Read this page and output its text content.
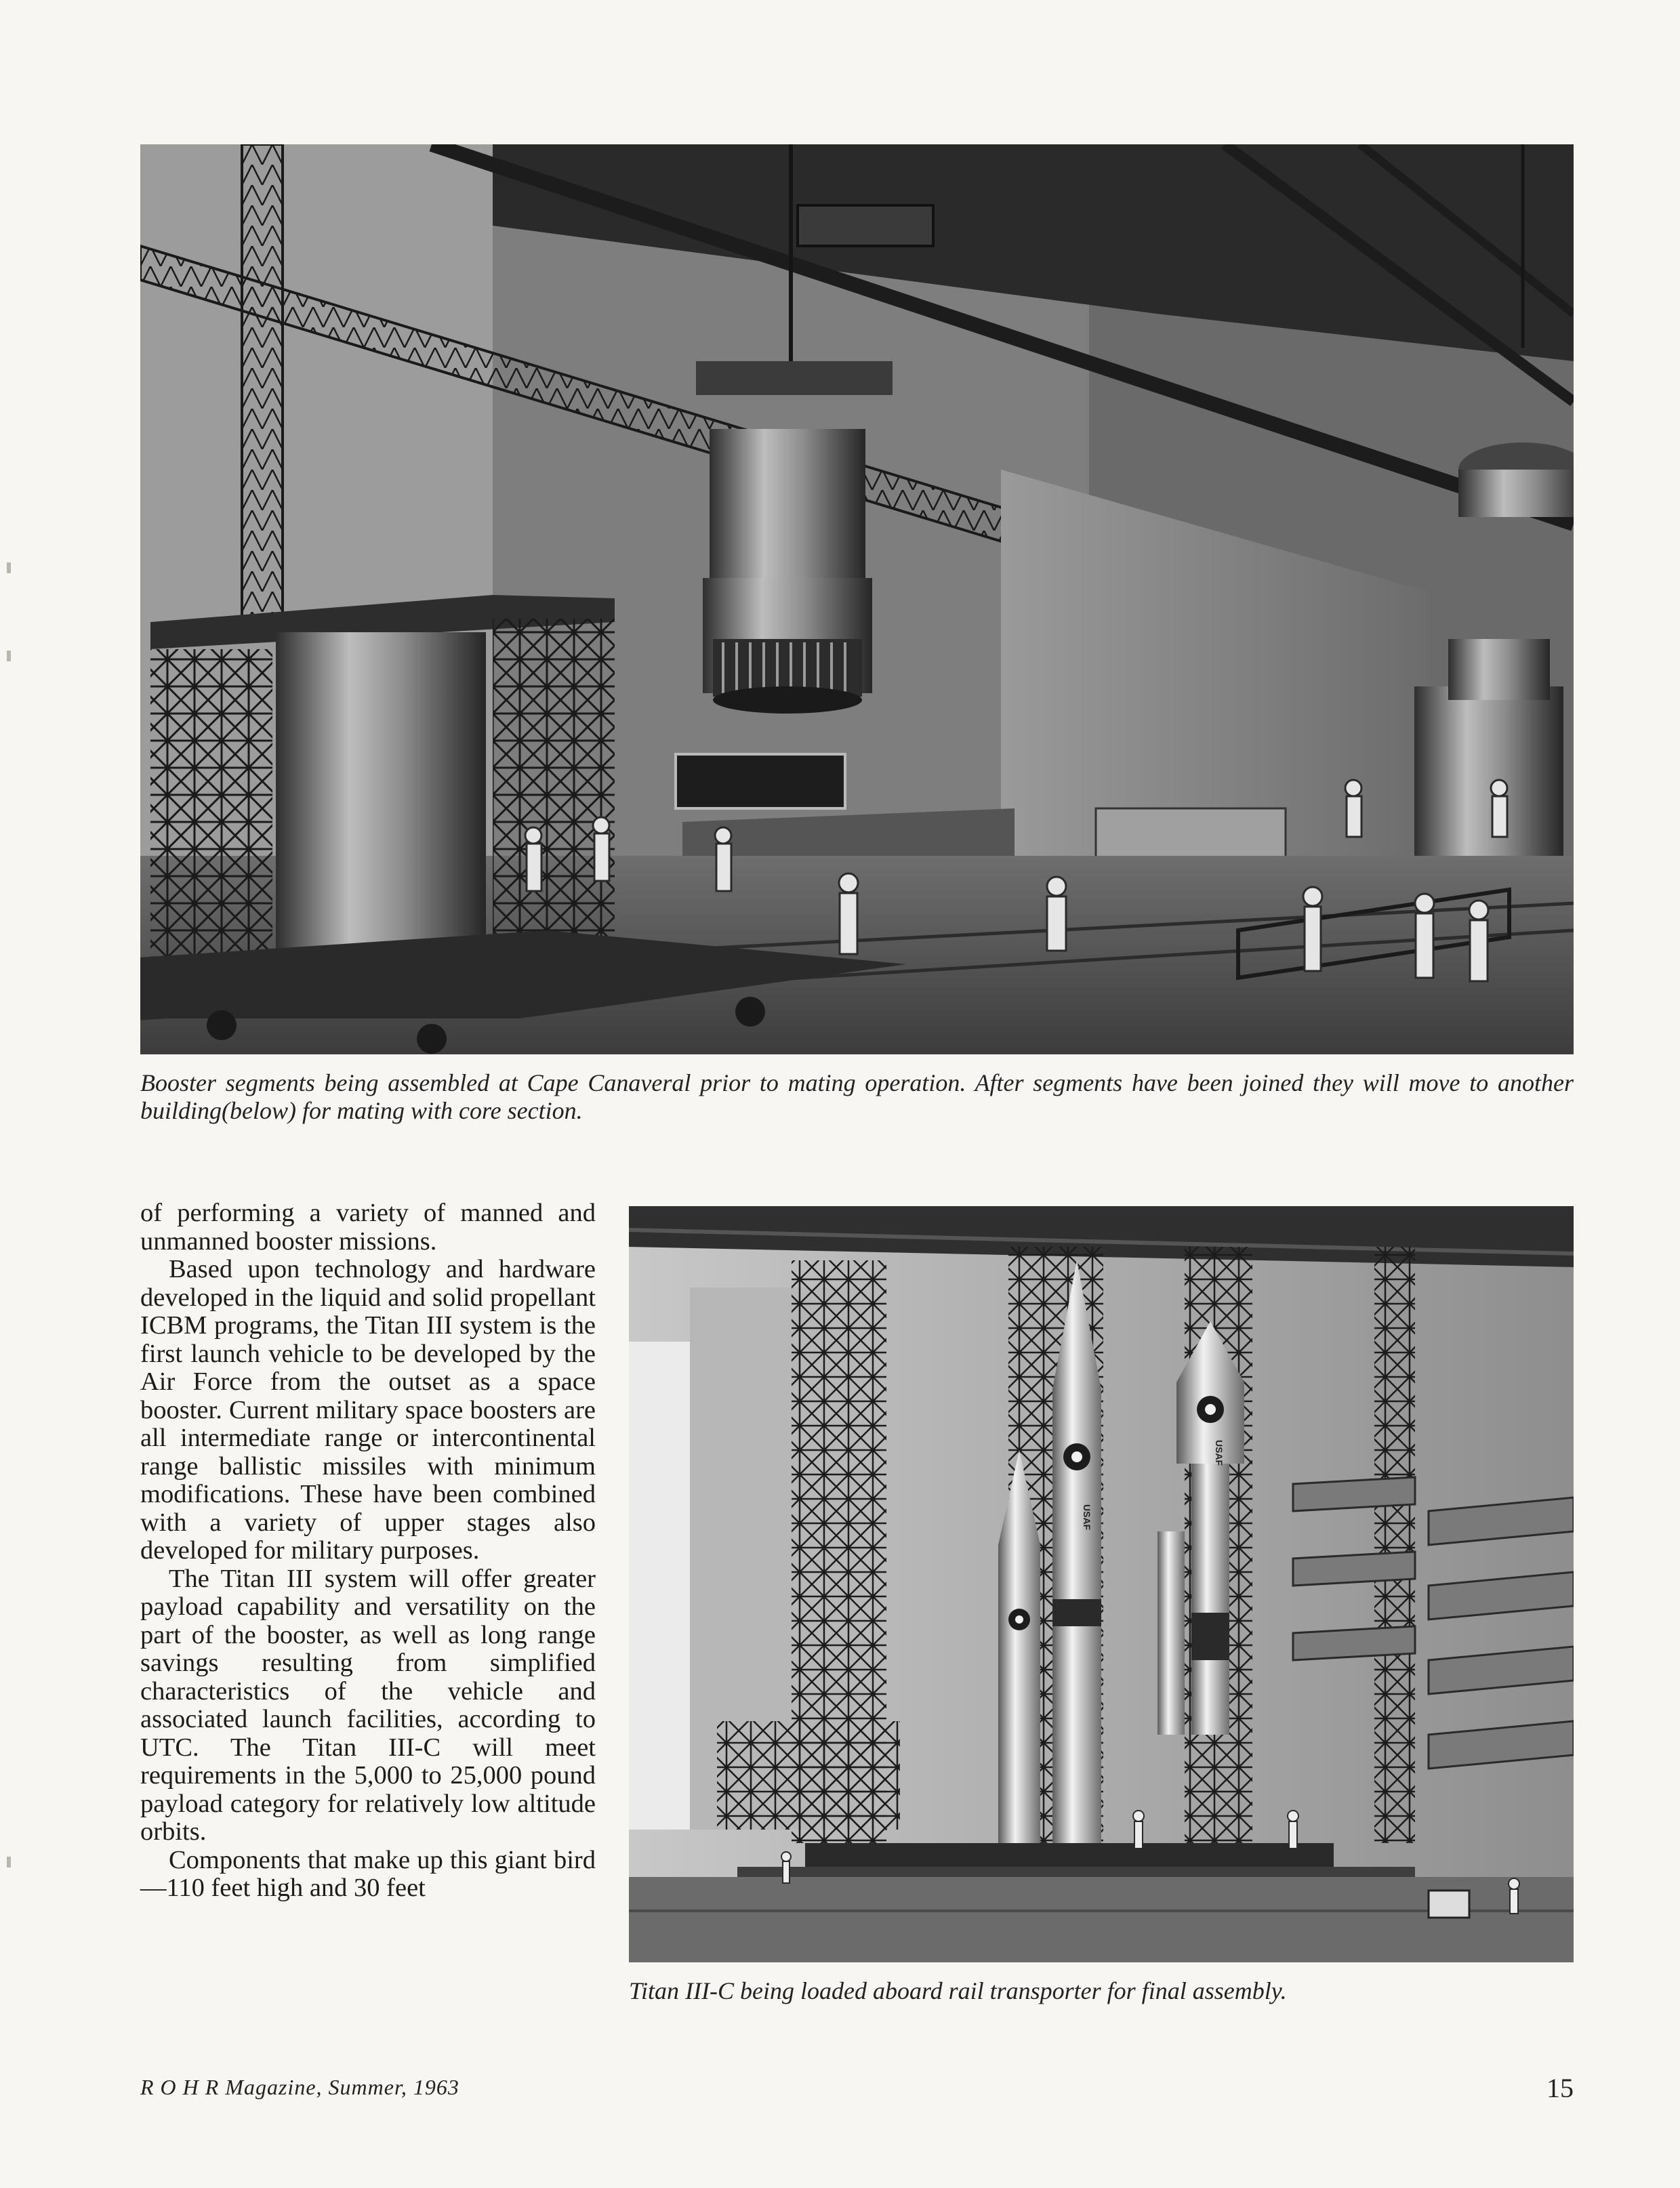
Booster segments being assembled at Cape Canaveral prior to mating operation. After segments have been joined they will move to another building(below) for mating with core section.

of performing a variety of manned and unmanned booster missions.

Based upon technology and hardware developed in the liquid and solid propellant ICBM programs, the Titan III system is the first launch vehicle to be developed by the Air Force from the outset as a space booster. Current military space boosters are all intermediate range or intercontinental range ballistic missiles with minimum modifications. These have been combined with a variety of upper stages also developed for military purposes.

The Titan III system will offer greater payload capability and versatility on the part of the booster, as well as long range savings resulting from simplified characteristics of the vehicle and associated launch facilities, according to UTC. The Titan III-C will meet requirements in the 5,000 to 25,000 pound payload category for relatively low altitude orbits.

Components that make up this giant bird—110 feet high and 30 feet

USAF
USAF

Titan III-C being loaded aboard rail transporter for final assembly.

R O H R Magazine, Summer, 1963	15
